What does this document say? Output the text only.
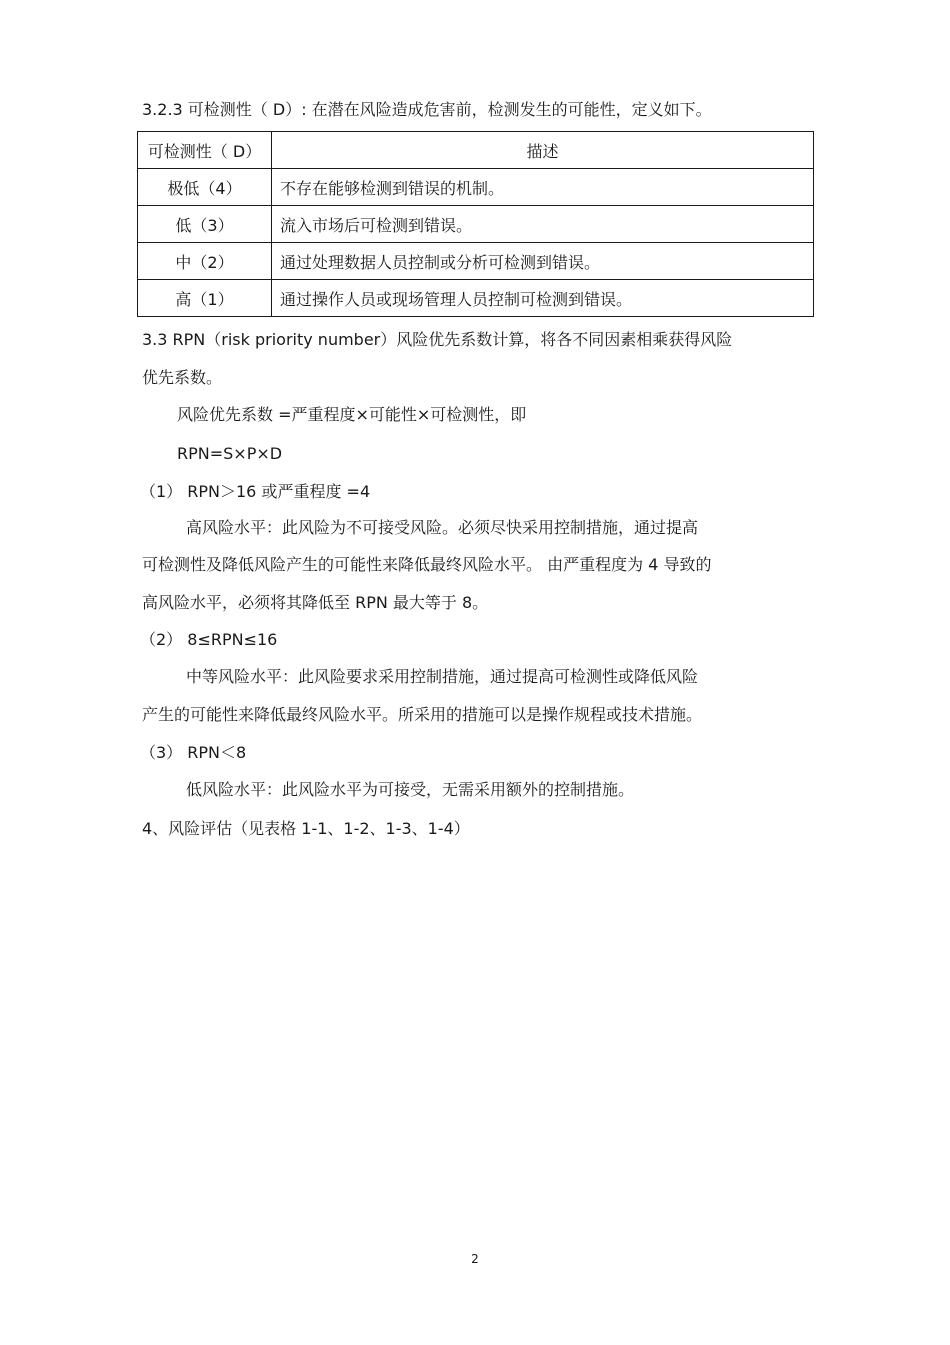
3.2.3 可检测性（ D）: 在潜在风险造成危害前，检测发生的可能性，定义如下。
可检测性（ D）	描述
极低（4）	不存在能够检测到错误的机制。
低（3）	流入市场后可检测到错误。
中（2）	通过处理数据人员控制或分析可检测到错误。
高（1）	通过操作人员或现场管理人员控制可检测到错误。
3.3 RPN（risk priority number）风险优先系数计算，将各不同因素相乘获得风险
优先系数。
风险优先系数 =严重程度×可能性×可检测性，即
RPN=S×P×D
（1） RPN＞16 或严重程度 =4
高风险水平：此风险为不可接受风险。必须尽快采用控制措施，通过提高
可检测性及降低风险产生的可能性来降低最终风险水平。 由严重程度为 4 导致的
高风险水平，必须将其降低至 RPN 最大等于 8。
（2） 8≤RPN≤16
中等风险水平：此风险要求采用控制措施，通过提高可检测性或降低风险
产生的可能性来降低最终风险水平。所采用的措施可以是操作规程或技术措施。
（3） RPN＜8
低风险水平：此风险水平为可接受，无需采用额外的控制措施。
4、风险评估（见表格 1-1、1-2、1-3、1-4）
2
